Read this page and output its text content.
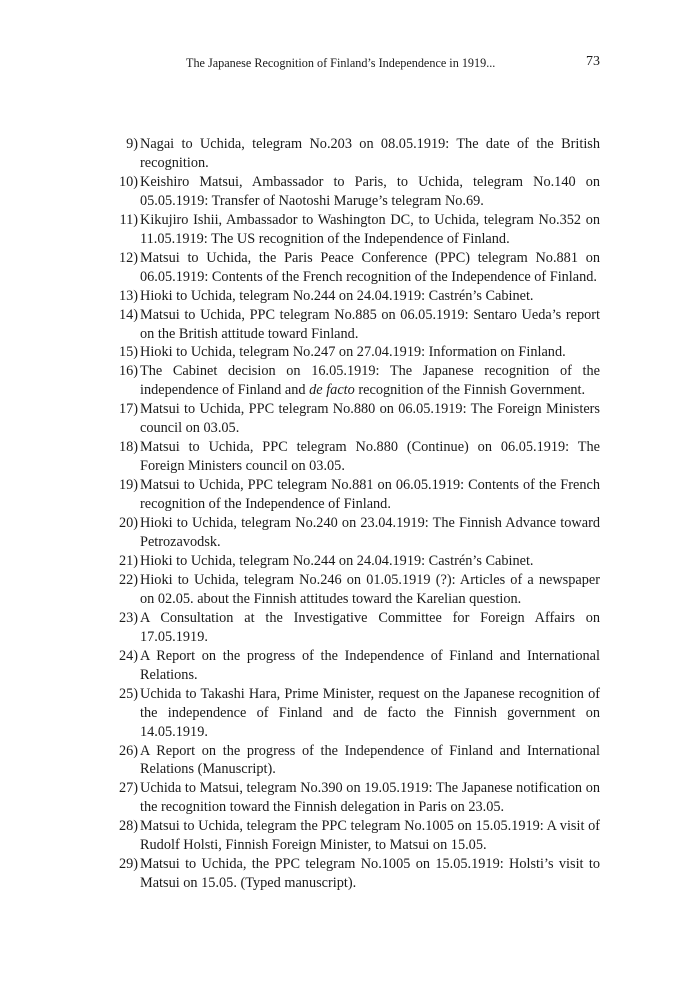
The Japanese Recognition of Finland’s Independence in 1919...	73
9) Nagai to Uchida, telegram No.203 on 08.05.1919: The date of the British recognition.
10) Keishiro Matsui, Ambassador to Paris, to Uchida, telegram No.140 on 05.05.1919: Transfer of Naotoshi Maruge’s telegram No.69.
11) Kikujiro Ishii, Ambassador to Washington DC, to Uchida, telegram No.352 on 11.05.1919: The US recognition of the Independence of Finland.
12) Matsui to Uchida, the Paris Peace Conference (PPC) telegram No.881 on 06.05.1919: Contents of the French recognition of the Independence of Finland.
13) Hioki to Uchida, telegram No.244 on 24.04.1919: Castrén’s Cabinet.
14) Matsui to Uchida, PPC telegram No.885 on 06.05.1919: Sentaro Ueda’s report on the British attitude toward Finland.
15) Hioki to Uchida, telegram No.247 on 27.04.1919: Information on Finland.
16) The Cabinet decision on 16.05.1919: The Japanese recognition of the independence of Finland and de facto recognition of the Finnish Government.
17) Matsui to Uchida, PPC telegram No.880 on 06.05.1919: The Foreign Ministers council on 03.05.
18) Matsui to Uchida, PPC telegram No.880 (Continue) on 06.05.1919: The Foreign Ministers council on 03.05.
19) Matsui to Uchida, PPC telegram No.881 on 06.05.1919: Contents of the French recognition of the Independence of Finland.
20) Hioki to Uchida, telegram No.240 on 23.04.1919: The Finnish Advance toward Petrozavodsk.
21) Hioki to Uchida, telegram No.244 on 24.04.1919: Castrén’s Cabinet.
22) Hioki to Uchida, telegram No.246 on 01.05.1919 (?): Articles of a newspaper on 02.05. about the Finnish attitudes toward the Karelian question.
23) A Consultation at the Investigative Committee for Foreign Affairs on 17.05.1919.
24) A Report on the progress of the Independence of Finland and International Relations.
25) Uchida to Takashi Hara, Prime Minister, request on the Japanese recognition of the independence of Finland and de facto the Finnish government on 14.05.1919.
26) A Report on the progress of the Independence of Finland and International Relations (Manuscript).
27) Uchida to Matsui, telegram No.390 on 19.05.1919: The Japanese notification on the recognition toward the Finnish delegation in Paris on 23.05.
28) Matsui to Uchida, telegram the PPC telegram No.1005 on 15.05.1919: A visit of Rudolf Holsti, Finnish Foreign Minister, to Matsui on 15.05.
29) Matsui to Uchida, the PPC telegram No.1005 on 15.05.1919: Holsti’s visit to Matsui on 15.05. (Typed manuscript).
